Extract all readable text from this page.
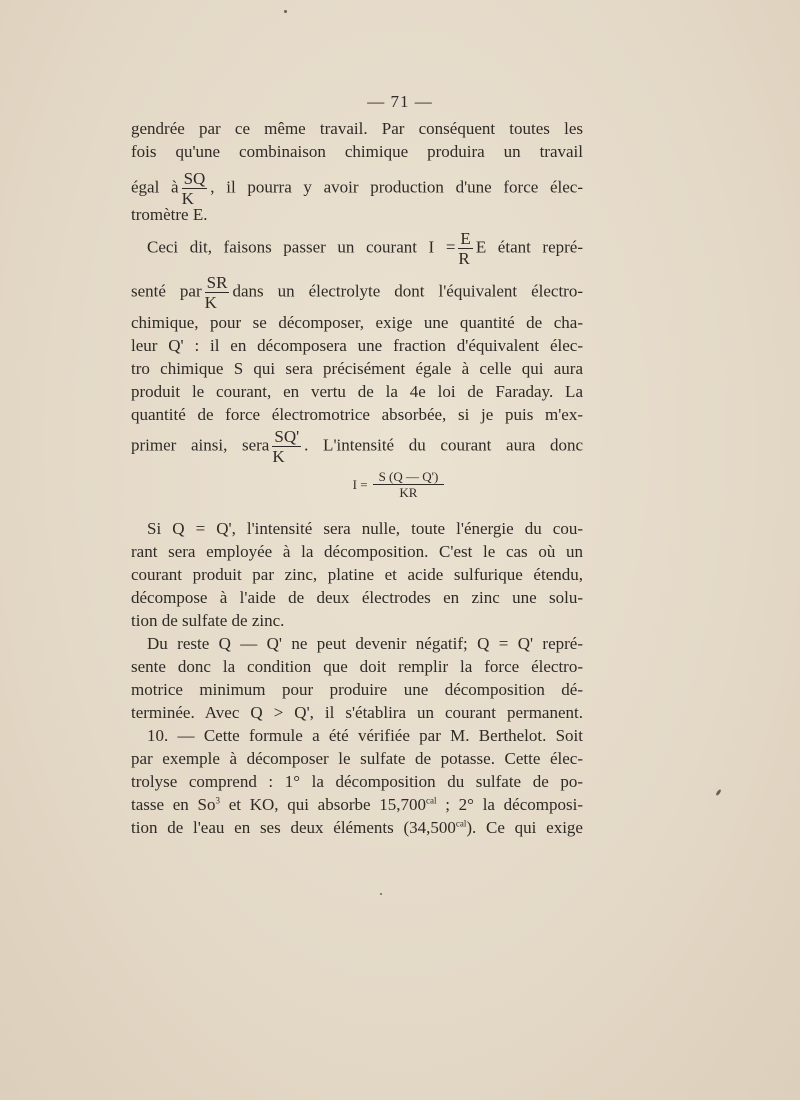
— 71 —
gendrée par ce même travail. Par conséquent toutes les
fois qu'une combinaison chimique produira un travail
égal à $\frac{SQ}{K}$ , il pourra y avoir production d'une force élec-
tromètre E.
Ceci dit, faisons passer un courant $I = \frac{E}{R}$ E étant repré-
senté par $\frac{SR}{K}$ dans un électrolyte dont l'équivalent électro-
chimique, pour se décomposer, exige une quantité de cha-
leur Q' : il en décomposera une fraction d'équivalent élec-
tro chimique S qui sera précisément égale à celle qui aura
produit le courant, en vertu de la 4e loi de Faraday. La
quantité de force électromotrice absorbée, si je puis m'ex-
primer ainsi, sera $\frac{SQ'}{K}$ . L'intensité du courant aura donc
$I = \frac{S (Q — Q')}{KR}$
Si Q = Q', l'intensité sera nulle, toute l'énergie du cou-
rant sera employée à la décomposition. C'est le cas où un
courant produit par zinc, platine et acide sulfurique étendu,
décompose à l'aide de deux électrodes en zinc une solu-
tion de sulfate de zinc.
Du reste Q — Q' ne peut devenir négatif; Q = Q' repré-
sente donc la condition que doit remplir la force électro-
motrice minimum pour produire une décomposition dé-
terminée. Avec Q > Q', il s'établira un courant permanent.
10. — Cette formule a été vérifiée par M. Berthelot. Soit
par exemple à décomposer le sulfate de potasse. Cette élec-
trolyse comprend : 1° la décomposition du sulfate de po-
tasse en So$^3$ et KO, qui absorbe $15,700^{cal}$ ; 2° la décomposi-
tion de l'eau en ses deux éléments $(34,500^{cal})$. Ce qui exige
